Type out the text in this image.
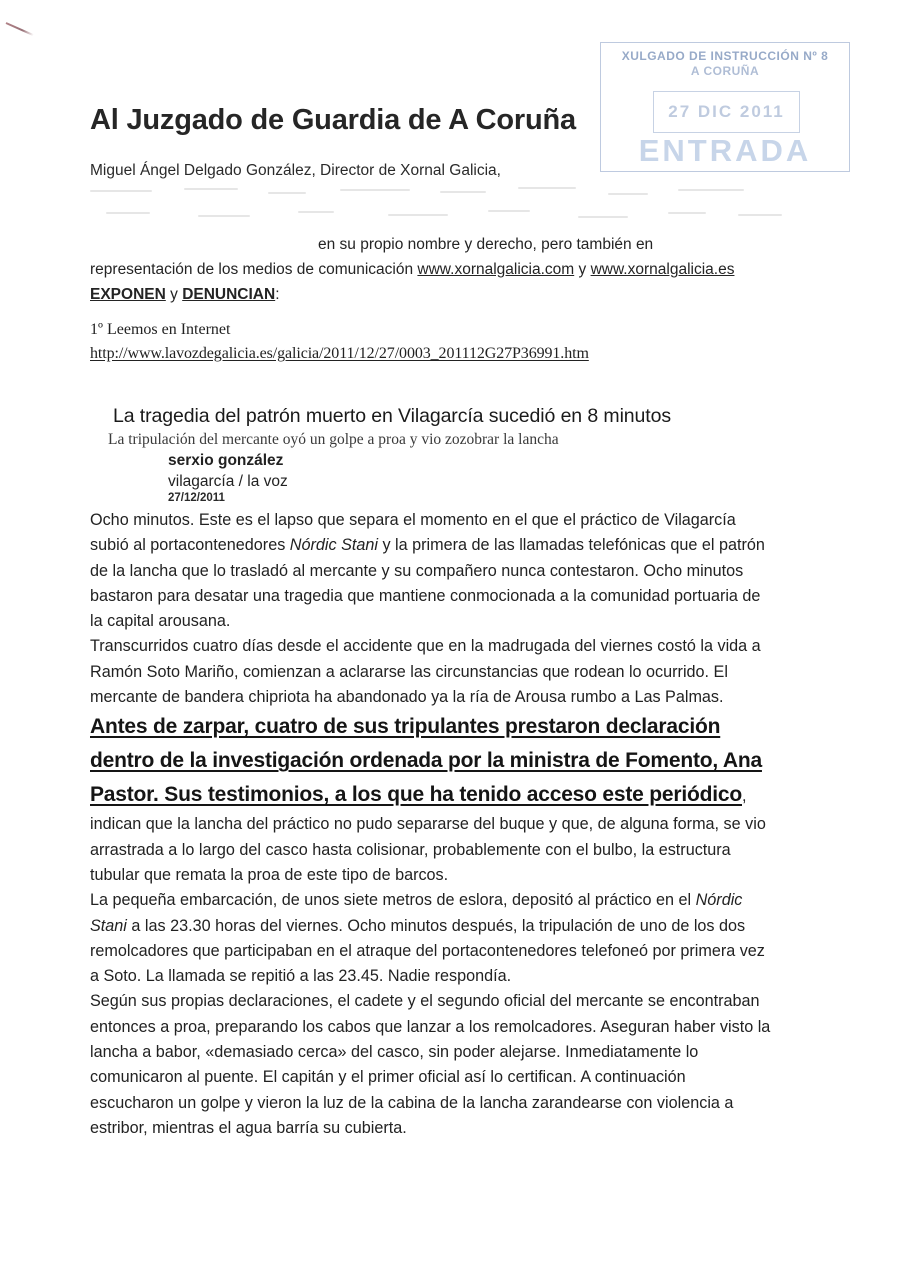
XULGADO DE INSTRUCCIÓN Nº 8
A CORUÑA
27 DIC 2011
ENTRADA
Al Juzgado de Guardia de A Coruña
Miguel Ángel Delgado González, Director de Xornal Galicia,
en su propio nombre y derecho, pero también en representación de los medios de comunicación www.xornalgalicia.com y www.xornalgalicia.es EXPONEN y DENUNCIAN:
1º Leemos en Internet
http://www.lavozdegalicia.es/galicia/2011/12/27/0003_201112G27P36991.htm
La tragedia del patrón muerto en Vilagarcía sucedió en 8 minutos
La tripulación del mercante oyó un golpe a proa y vio zozobrar la lancha
serxio gonzález
vilagarcía / la voz
27/12/2011

Ocho minutos. Este es el lapso que separa el momento en el que el práctico de Vilagarcía subió al portacontenedores Nórdic Stani y la primera de las llamadas telefónicas que el patrón de la lancha que lo trasladó al mercante y su compañero nunca contestaron. Ocho minutos bastaron para desatar una tragedia que mantiene conmocionada a la comunidad portuaria de la capital arousana.

Transcurridos cuatro días desde el accidente que en la madrugada del viernes costó la vida a Ramón Soto Mariño, comienzan a aclararse las circunstancias que rodean lo ocurrido. El mercante de bandera chipriota ha abandonado ya la ría de Arousa rumbo a Las Palmas. Antes de zarpar, cuatro de sus tripulantes prestaron declaración dentro de la investigación ordenada por la ministra de Fomento, Ana Pastor. Sus testimonios, a los que ha tenido acceso este periódico, indican que la lancha del práctico no pudo separarse del buque y que, de alguna forma, se vio arrastrada a lo largo del casco hasta colisionar, probablemente con el bulbo, la estructura tubular que remata la proa de este tipo de barcos.

La pequeña embarcación, de unos siete metros de eslora, depositó al práctico en el Nórdic Stani a las 23.30 horas del viernes. Ocho minutos después, la tripulación de uno de los dos remolcadores que participaban en el atraque del portacontenedores telefoneó por primera vez a Soto. La llamada se repitió a las 23.45. Nadie respondía.

Según sus propias declaraciones, el cadete y el segundo oficial del mercante se encontraban entonces a proa, preparando los cabos que lanzar a los remolcadores. Aseguran haber visto la lancha a babor, «demasiado cerca» del casco, sin poder alejarse. Inmediatamente lo comunicaron al puente. El capitán y el primer oficial así lo certifican. A continuación escucharon un golpe y vieron la luz de la cabina de la lancha zarandearse con violencia a estribor, mientras el agua barría su cubierta.
